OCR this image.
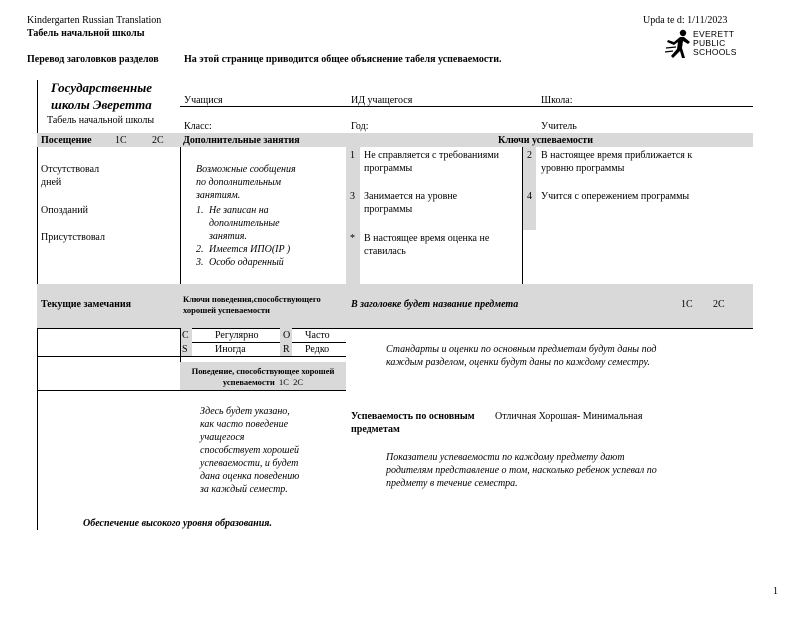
Kindergarten Russian Translation
Табель начальной школы
Upda te d: 1/11/2023
EVERETT
PUBLIC
SCHOOLS
Перевод заголовков разделов	На этой странице приводится общее объяснение табеля успеваемости.
Государственные
школы Эверетта
Табель начальной школы
Учащися	ИД учащегося	Школа:
Класс:	Год:	Учитель
Посещение 1С	2С Дополнительные занятия	Ключи успеваемости
Отсутствовал
дней
Опозданий
Присутствовал
Возможные сообщения
по дополнительным
занятиям.
1. Не записан на
дополнительные
занятия.
2. Имеется ИПО(IP )
3. Особо одаренный
1 Не справляется с требованиями
программы
3 Занимается на уровне
программы
* В настоящее время оценка не
ставилась
2 В настоящее время приближается к
уровню программы
4 Учится с опережением программы
Текущие замечания	Ключи поведения,способствующего
хорошей успеваемости	В заголовке будет название предмета	1С 2С
С	Регулярно О Часто
S	Иногда	R Редко
Поведение, способствующее хорошей
успеваемости 1С 2С
Стандарты и оценки по основным предметам будут даны под
каждым разделом, оценки будут даны по каждому семестру.
Здесь будет указано,
как часто поведение
учащегося
способствует хорошей
успеваемости, и будет
дана оценка поведению
за каждый семестр.
Успеваемость по основным
предметам
Отличная Хорошая- Минимальная
Показатели успеваемости по каждому предмету дают
родителям представление о том, насколько ребенок успевал по
предмету в течение семестра.
Обеспечение высокого уровня образования.
1
